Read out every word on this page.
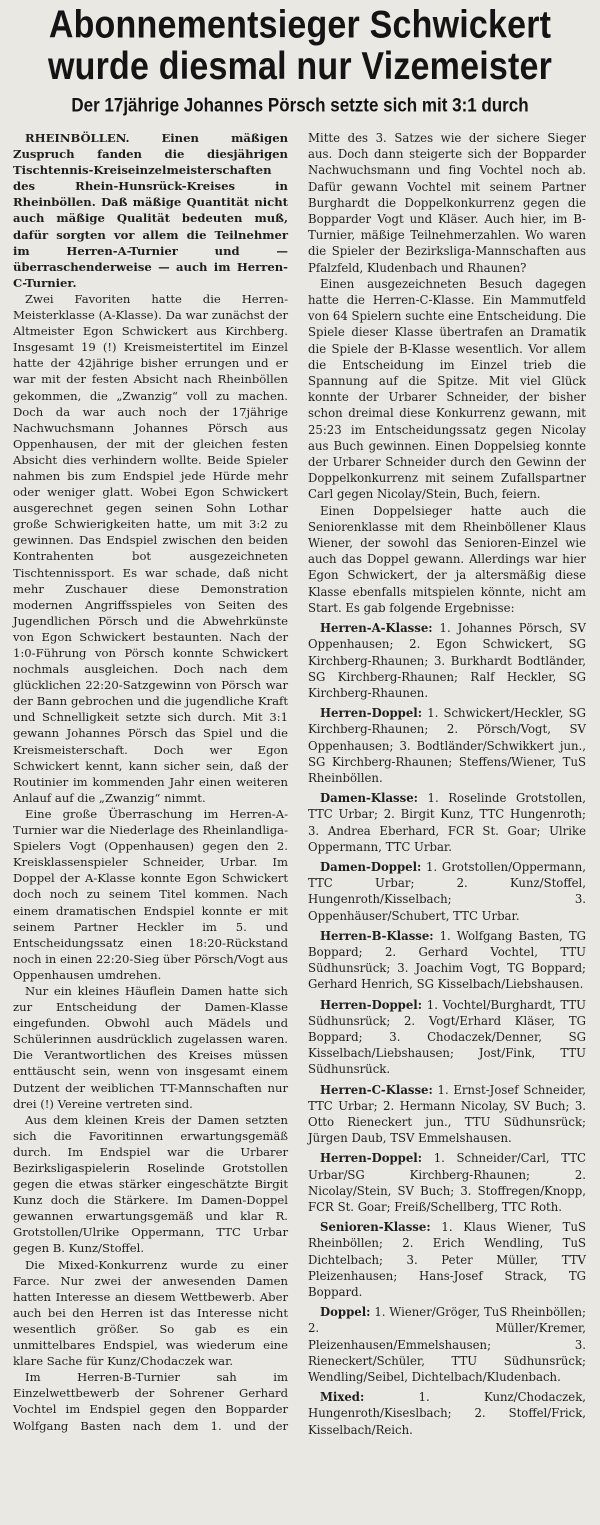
Abonnementsieger Schwickert
wurde diesmal nur Vizemeister
Der 17jährige Johannes Pörsch setzte sich mit 3:1 durch

RHEINBÖLLEN.	Einen mäßigen Zuspruch fanden die diesjährigen Tischtennis-Kreiseinzelmeisterschaften des Rhein-Hunsrück-Kreises in Rheinböllen. Daß mäßige Quantität nicht auch mäßige Qualität bedeuten muß, dafür sorgten vor allem die Teilnehmer im Herren-A-Turnier und — überraschenderweise — auch im Herren-C-Turnier.

Zwei Favoriten hatte die Herren-Meisterklasse (A-Klasse). Da war zunächst der Altmeister Egon Schwickert aus Kirchberg. Insgesamt 19 (!) Kreismeistertitel im Einzel hatte der 42jährige bisher errungen und er war mit der festen Absicht nach Rheinböllen gekommen, die „Zwanzig“ voll zu machen. Doch da war auch noch der 17jährige Nachwuchsmann Johannes Pörsch aus Oppenhausen, der mit der gleichen festen Absicht dies verhindern wollte. Beide Spieler nahmen bis zum Endspiel jede Hürde mehr oder weniger glatt. Wobei Egon Schwickert ausgerechnet gegen seinen Sohn Lothar große Schwierigkeiten hatte, um mit 3:2 zu gewinnen. Das Endspiel zwischen den beiden Kontrahenten bot ausgezeichneten Tischtennissport. Es war schade, daß nicht mehr Zuschauer diese Demonstration modernen Angriffsspieles von Seiten des Jugendlichen Pörsch und die Abwehrkünste von Egon Schwickert bestaunten. Nach der 1:0-Führung von Pörsch konnte Schwickert nochmals ausgleichen. Doch nach dem glücklichen 22:20-Satzgewinn von Pörsch war der Bann gebrochen und die jugendliche Kraft und Schnelligkeit setzte sich durch. Mit 3:1 gewann Johannes Pörsch das Spiel und die Kreismeisterschaft. Doch wer Egon Schwickert kennt, kann sicher sein, daß der Routinier im kommenden Jahr einen weiteren Anlauf auf die „Zwanzig“ nimmt.

Eine große Überraschung im Herren-A-Turnier war die Niederlage des Rheinlandliga-Spielers Vogt (Oppenhausen) gegen den 2. Kreisklassenspieler Schneider, Urbar. Im Doppel der A-Klasse konnte Egon Schwickert doch noch zu seinem Titel kommen. Nach einem dramatischen Endspiel konnte er mit seinem Partner Heckler im 5. und Entscheidungssatz einen 18:20-Rückstand noch in einen 22:20-Sieg über Pörsch/Vogt aus Oppenhausen umdrehen.

Nur ein kleines Häuflein Damen hatte sich zur Entscheidung der Damen-Klasse eingefunden. Obwohl auch Mädels und Schülerinnen ausdrücklich zugelassen waren. Die Verantwortlichen des Kreises müssen enttäuscht sein, wenn von insgesamt einem Dutzent der weiblichen TT-Mannschaften nur drei (!) Vereine vertreten sind.

Aus dem kleinen Kreis der Damen setzten sich die Favoritinnen erwartungsgemäß durch. Im Endspiel war die Urbarer Bezirksligaspielerin Roselinde Grotstollen gegen die etwas stärker eingeschätzte Birgit Kunz doch die Stärkere. Im Damen-Doppel gewannen erwartungsgemäß und klar R. Grotstollen/Ulrike Oppermann, TTC Urbar gegen B. Kunz/Stoffel.

Die Mixed-Konkurrenz wurde zu einer Farce. Nur zwei der anwesenden Damen hatten Interesse an diesem Wettbewerb. Aber auch bei den Herren ist das Interesse nicht wesentlich größer. So gab es ein unmittelbares Endspiel, was wiederum eine klare Sache für Kunz/Chodaczek war.

Im Herren-B-Turnier sah im Einzelwettbewerb der Sohrener Gerhard Vochtel im Endspiel gegen den Bopparder Wolfgang Basten nach dem 1. und der

Mitte des 3. Satzes wie der sichere Sieger aus. Doch dann steigerte sich der Bopparder Nachwuchsmann und fing Vochtel noch ab. Dafür gewann Vochtel mit seinem Partner Burghardt die Doppelkonkurrenz gegen die Bopparder Vogt und Kläser. Auch hier, im B-Turnier, mäßige Teilnehmerzahlen. Wo waren die Spieler der Bezirksliga-Mannschaften aus Pfalzfeld, Kludenbach und Rhaunen?

Einen ausgezeichneten Besuch dagegen hatte die Herren-C-Klasse. Ein Mammutfeld von 64 Spielern suchte eine Entscheidung. Die Spiele dieser Klasse übertrafen an Dramatik die Spiele der B-Klasse wesentlich. Vor allem die Entscheidung im Einzel trieb die Spannung auf die Spitze. Mit viel Glück konnte der Urbarer Schneider, der bisher schon dreimal diese Konkurrenz gewann, mit 25:23 im Entscheidungssatz gegen Nicolay aus Buch gewinnen. Einen Doppelsieg konnte der Urbarer Schneider durch den Gewinn der Doppelkonkurrenz mit seinem Zufallspartner Carl gegen Nicolay/Stein, Buch, feiern.

Einen Doppelsieger hatte auch die Seniorenklasse mit dem Rheinböllener Klaus Wiener, der sowohl das Senioren-Einzel wie auch das Doppel gewann. Allerdings war hier Egon Schwickert, der ja altersmäßig diese Klasse ebenfalls mitspielen könnte, nicht am Start. Es gab folgende Ergebnisse:

Herren-A-Klasse: 1. Johannes Pörsch, SV Oppenhausen; 2. Egon Schwickert, SG Kirchberg-Rhaunen; 3. Burkhardt Bodtländer, SG Kirchberg-Rhaunen; Ralf Heckler, SG Kirchberg-Rhaunen.

Herren-Doppel: 1. Schwickert/Heckler, SG Kirchberg-Rhaunen; 2. Pörsch/Vogt, SV Oppenhausen; 3. Bodtländer/Schwikkert jun., SG Kirchberg-Rhaunen; Steffens/Wiener, TuS Rheinböllen.

Damen-Klasse: 1. Roselinde Grotstollen, TTC Urbar; 2. Birgit Kunz, TTC Hungenroth; 3. Andrea Eberhard, FCR St. Goar; Ulrike Oppermann, TTC Urbar.

Damen-Doppel: 1. Grotstollen/Oppermann, TTC Urbar; 2. Kunz/Stoffel, Hungenroth/Kisselbach; 3. Oppenhäuser/Schubert, TTC Urbar.

Herren-B-Klasse: 1. Wolfgang Basten, TG Boppard; 2. Gerhard Vochtel, TTU Südhunsrück; 3. Joachim Vogt, TG Boppard; Gerhard Henrich, SG Kisselbach/Liebshausen.

Herren-Doppel: 1. Vochtel/Burghardt, TTU Südhunsrück; 2. Vogt/Erhard Kläser, TG Boppard; 3. Chodaczek/Denner, SG Kisselbach/Liebshausen; Jost/Fink, TTU Südhunsrück.

Herren-C-Klasse: 1. Ernst-Josef Schneider, TTC Urbar; 2. Hermann Nicolay, SV Buch; 3. Otto Rieneckert jun., TTU Südhunsrück; Jürgen Daub, TSV Emmelshausen.

Herren-Doppel: 1. Schneider/Carl, TTC Urbar/SG Kirchberg-Rhaunen; 2. Nicolay/Stein, SV Buch; 3. Stoffregen/Knopp, FCR St. Goar; Freiß/Schellberg, TTC Roth.

Senioren-Klasse: 1. Klaus Wiener, TuS Rheinböllen; 2. Erich Wendling, TuS Dichtelbach; 3. Peter Müller, TTV Pleizenhausen; Hans-Josef Strack, TG Boppard.

Doppel: 1. Wiener/Gröger, TuS Rheinböllen; 2. Müller/Kremer, Pleizenhausen/Emmelshausen; 3. Rieneckert/Schüler, TTU Südhunsrück; Wendling/Seibel, Dichtelbach/Kludenbach.

Mixed:	1. Kunz/Chodaczek, Hungenroth/Kiseslbach; 2. Stoffel/Frick, Kisselbach/Reich.
